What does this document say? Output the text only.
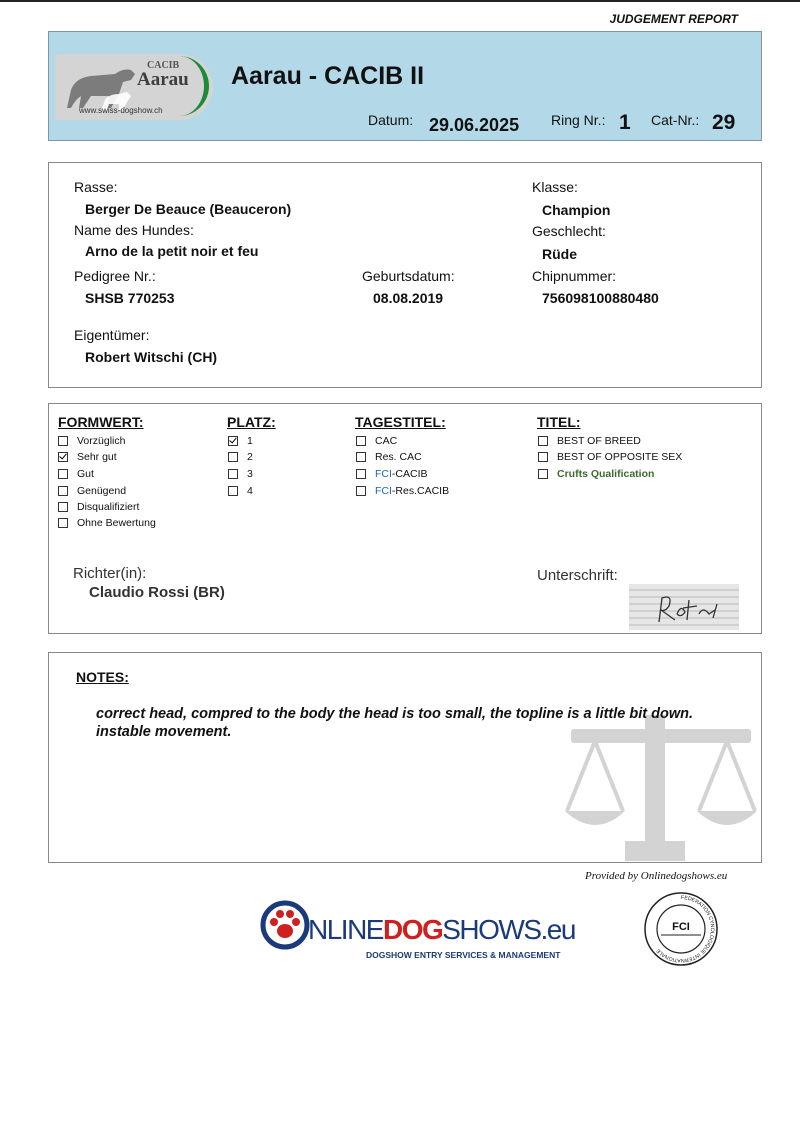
JUDGEMENT REPORT
CACIB
Aarau
www.swiss-dogshow.ch
Aarau - CACIB II
Datum: 29.06.2025 Ring Nr.: 1 Cat-Nr.: 29
Rasse:
Berger De Beauce (Beauceron)
Name des Hundes:
Arno de la petit noir et feu
Pedigree Nr.:
SHSB 770253
Geburtsdatum:
08.08.2019
Klasse:
Champion
Geschlecht:
Rüde
Chipnummer:
756098100880480
Eigentümer:
Robert Witschi (CH)
FORMWERT:	PLATZ:	TAGESTITEL:	TITEL:
Vorzüglich
Sehr gut
Gut
Genügend
Disqualifiziert
Ohne Bewertung
1
2
3
4
CAC
Res. CAC
FCI -CACIB
FCI -Res.CACIB
BEST OF BREED
BEST OF OPPOSITE SEX
Crufts Qualification
Richter(in):
Claudio Rossi (BR)
Unterschrift:
NOTES:
correct head, compred to the body the head is too small, the topline is a little bit down. instable movement.
Provided by Onlinedogshows.eu
NLINEDOGSHOWS.eu
DOGSHOW ENTRY SERVICES & MANAGEMENT
FEDERATION CYNOLOGIQUE INTERNATIONALE
FCI
